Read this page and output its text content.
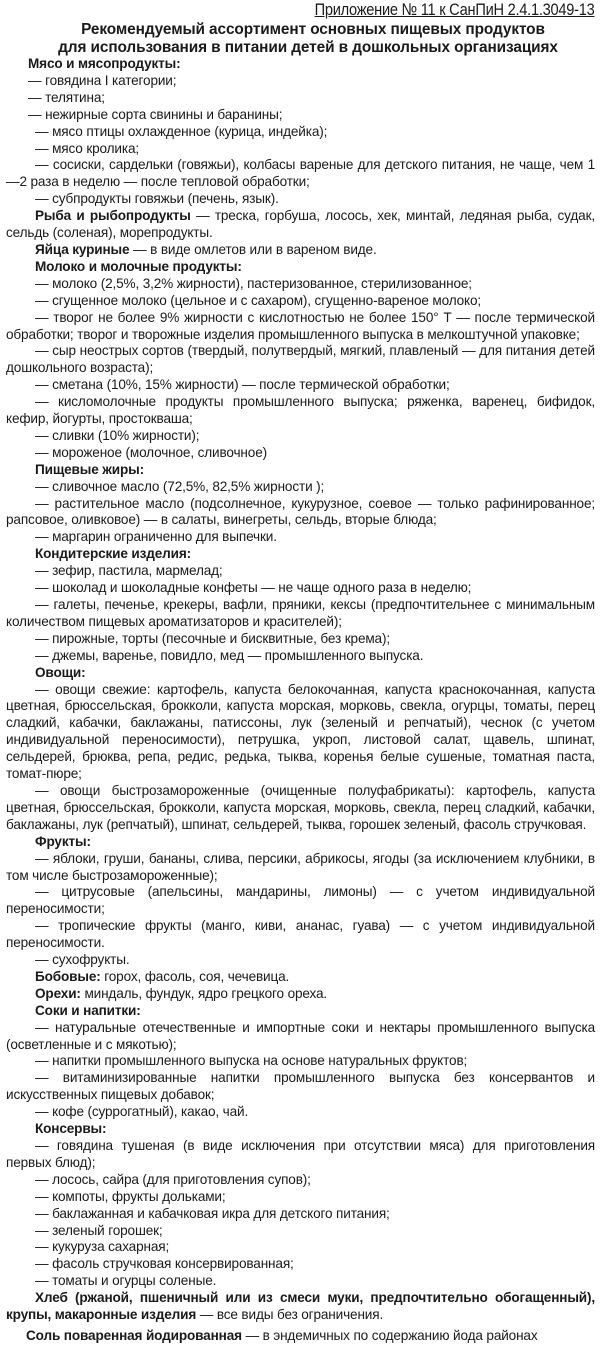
Приложение № 11 к СанПиН 2.4.1.3049-13
Рекомендуемый ассортимент основных пищевых продуктов
для использования в питании детей в дошкольных организациях

Мясо и мясопродукты:

— говядина I категории;

— телятина;

— нежирные сорта свинины и баранины;

— мясо птицы охлажденное (курица, индейка);

— мясо кролика;

— сосиски, сардельки (говяжьи), колбасы вареные для детского питания, не чаще, чем 1—2 раза в неделю — после тепловой обработки;

— субпродукты говяжьи (печень, язык).

Рыба и рыбопродукты — треска, горбуша, лосось, хек, минтай, ледяная рыба, судак, сельдь (соленая), морепродукты.

Яйца куриные — в виде омлетов или в вареном виде.

Молоко и молочные продукты:

— молоко (2,5%, 3,2% жирности), пастеризованное, стерилизованное;

— сгущенное молоко (цельное и с сахаром), сгущенно-вареное молоко;

— творог не более 9% жирности с кислотностью не более 150° Т — после термической обработки; творог и творожные изделия промышленного выпуска в мелкоштучной упаковке;

— сыр неострых сортов (твердый, полутвердый, мягкий, плавленый — для питания детей дошкольного возраста);

— сметана (10%, 15% жирности) — после термической обработки;

— кисломолочные продукты промышленного выпуска; ряженка, варенец, бифидок, кефир, йогурты, простокваша;

— сливки (10% жирности);

— мороженое (молочное, сливочное)

Пищевые жиры:

— сливочное масло (72,5%, 82,5% жирности );

— растительное масло (подсолнечное, кукурузное, соевое — только рафинированное; рапсовое, оливковое) — в салаты, винегреты, сельдь, вторые блюда;

— маргарин ограниченно для выпечки.

Кондитерские изделия:

— зефир, пастила, мармелад;

— шоколад и шоколадные конфеты — не чаще одного раза в неделю;

— галеты, печенье, крекеры, вафли, пряники, кексы (предпочтительнее с минимальным количеством пищевых ароматизаторов и красителей);

— пирожные, торты (песочные и бисквитные, без крема);

— джемы, варенье, повидло, мед — промышленного выпуска.

Овощи:

— овощи свежие: картофель, капуста белокочанная, капуста краснокочанная, капуста цветная, брюссельская, брокколи, капуста морская, морковь, свекла, огурцы, томаты, перец сладкий, кабачки, баклажаны, патиссоны, лук (зеленый и репчатый), чеснок (с учетом индивидуальной переносимости), петрушка, укроп, листовой салат, щавель, шпинат, сельдерей, брюква, репа, редис, редька, тыква, коренья белые сушеные, томатная паста, томат-пюре;

— овощи быстрозамороженные (очищенные полуфабрикаты): картофель, капуста цветная, брюссельская, брокколи, капуста морская, морковь, свекла, перец сладкий, кабачки, баклажаны, лук (репчатый), шпинат, сельдерей, тыква, горошек зеленый, фасоль стручковая.

Фрукты:

— яблоки, груши, бананы, слива, персики, абрикосы, ягоды (за исключением клубники, в том числе быстрозамороженные);

— цитрусовые (апельсины, мандарины, лимоны) — с учетом индивидуальной переносимости;

— тропические фрукты (манго, киви, ананас, гуава) — с учетом индивидуальной переносимости.

— сухофрукты.

Бобовые: горох, фасоль, соя, чечевица.

Орехи: миндаль, фундук, ядро грецкого ореха.

Соки и напитки:

— натуральные отечественные и импортные соки и нектары промышленного выпуска (осветленные и с мякотью);

— напитки промышленного выпуска на основе натуральных фруктов;

— витаминизированные напитки промышленного выпуска без консервантов и искусственных пищевых добавок;

— кофе (суррогатный), какао, чай.

Консервы:

— говядина тушеная (в виде исключения при отсутствии мяса) для приготовления первых блюд);

— лосось, сайра (для приготовления супов);

— компоты, фрукты дольками;

— баклажанная и кабачковая икра для детского питания;

— зеленый горошек;

— кукуруза сахарная;

— фасоль стручковая консервированная;

— томаты и огурцы соленые.

Хлеб (ржаной, пшеничный или из смеси муки, предпочтительно обогащенный), крупы, макаронные изделия — все виды без ограничения.

Соль поваренная йодированная — в эндемичных по содержанию йода районах
